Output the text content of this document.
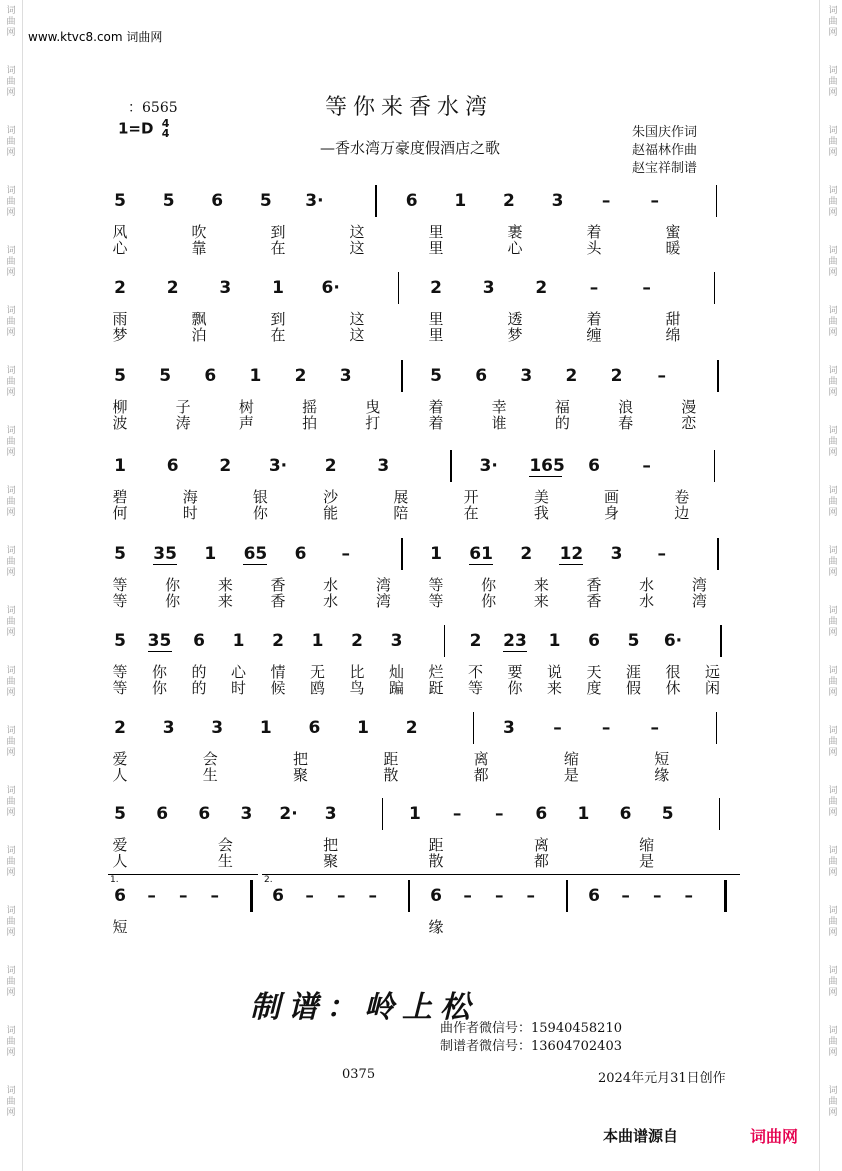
词
曲
网
词
曲
网
词
曲
网
词
曲
网
词
曲
网
词
曲
网
词
曲
网
词
曲
网
词
曲
网
词
曲
网
词
曲
网
词
曲
网
词
曲
网
词
曲
网
词
曲
网
词
曲
网
词
曲
网
词
曲
网
词
曲
网
词
曲
网
词
曲
网
词
曲
网
词
曲
网
词
曲
网
词
曲
网
词
曲
网
词
曲
网
词
曲
网
词
曲
网
词
曲
网
词
曲
网
词
曲
网
词
曲
网
词
曲
网
词
曲
网
词
曲
网
词
曲
网
词
曲
网
www.ktvc8.com 词曲网
：6565
1=D 4
4
等你来香水湾
—香水湾万豪度假酒店之歌
朱国庆作词
赵福林作曲
赵宝祥制谱
5	5	6	5	3·	6	1	2	3	–	–
风	吹	到	这	里	裹	着	蜜
心	靠	在	这	里	心	头	暖
2	2	3	1	6·	2	3	2	–	–
雨	飘	到	这	里	透	着	甜
梦	泊	在	这	里	梦	缠	绵
5	5	6	1	2	3	5	6	3	2	2	–
柳	子	树	摇	曳	着	幸	福	浪	漫
波	涛	声	拍	打	着	谁	的	春	恋
1	6	2	3·	2	3	3· 165	6	–
碧	海	银	沙	展	开	美	画	卷
何	时	你	能	陪	在	我	身	边
5	35	1	65	6	–	1	61	2	12	3	–
等	你	来	香	水	湾	等	你	来	香	水	湾
等	你	来	香	水	湾	等	你	来	香	水	湾
5	35	6	1	2	1	2	3	2	23	1	6	5	6·
等	你	的	心	情	无	比	灿	烂	不	要	说	天	涯	很	远
等	你	的	时	候	鸥	鸟	蹁	跹	等	你	来	度	假	休	闲
2	3	3	1	6	1	2	3	–	–	–
爱	会	把	距	离	缩	短
人	生	聚	散	都	是	缘
5	6	6	3	2·	3	1	–	–	6	1	6	5
爱	会	把	距	离	缩
人	生	聚	散	都	是
6	–	–	–	6	–	–	–	6	–	–	–	6	–	–	–
短	缘
1.	2.
制谱：岭上松
曲作者微信号：15940458210
制谱者微信号：13604702403
0375	2024年元月31日创作
本曲谱源自	词曲网
